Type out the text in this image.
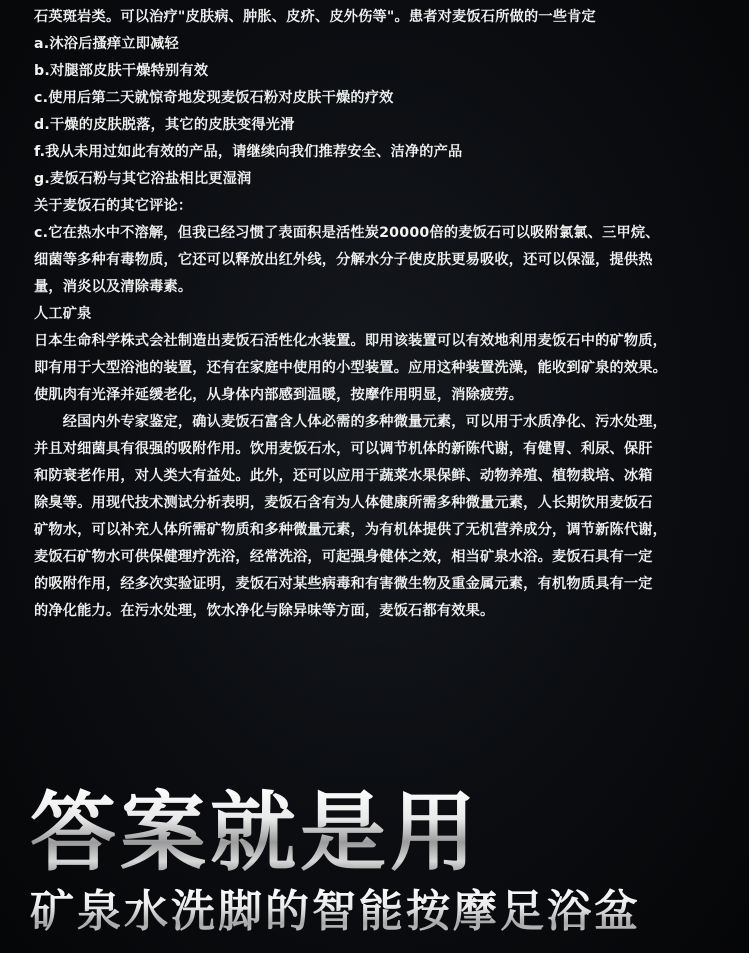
石英斑岩类。可以治疗"皮肤病、肿胀、皮疥、皮外伤等"。患者对麦饭石所做的一些肯定
a.沐浴后搔痒立即减轻
b.对腿部皮肤干燥特别有效
c.使用后第二天就惊奇地发现麦饭石粉对皮肤干燥的疗效
d.干燥的皮肤脱落，其它的皮肤变得光滑
f.我从未用过如此有效的产品，请继续向我们推荐安全、洁净的产品
g.麦饭石粉与其它浴盐相比更湿润
关于麦饭石的其它评论：
c.它在热水中不溶解，但我已经习惯了表面积是活性炭20000倍的麦饭石可以吸附氯氯、三甲烷、
细菌等多种有毒物质，它还可以释放出红外线，分解水分子使皮肤更易吸收，还可以保湿，提供热
量，消炎以及清除毒素。
人工矿泉
日本生命科学株式会社制造出麦饭石活性化水装置。即用该装置可以有效地利用麦饭石中的矿物质，
即有用于大型浴池的装置，还有在家庭中使用的小型装置。应用这种装置洗澡，能收到矿泉的效果。
使肌肉有光泽并延缓老化，从身体内部感到温暖，按摩作用明显，消除疲劳。
　　经国内外专家鉴定，确认麦饭石富含人体必需的多种微量元素，可以用于水质净化、污水处理，
并且对细菌具有很强的吸附作用。饮用麦饭石水，可以调节机体的新陈代谢，有健胃、利尿、保肝
和防衰老作用，对人类大有益处。此外，还可以应用于蔬菜水果保鲜、动物养殖、植物栽培、冰箱
除臭等。用现代技术测试分析表明，麦饭石含有为人体健康所需多种微量元素，人长期饮用麦饭石
矿物水，可以补充人体所需矿物质和多种微量元素，为有机体提供了无机营养成分，调节新陈代谢，
麦饭石矿物水可供保健理疗洗浴，经常洗浴，可起强身健体之效，相当矿泉水浴。麦饭石具有一定
的吸附作用，经多次实验证明，麦饭石对某些病毒和有害微生物及重金属元素，有机物质具有一定
的净化能力。在污水处理，饮水净化与除异味等方面，麦饭石都有效果。
答案就是用
矿泉水洗脚的智能按摩足浴盆
